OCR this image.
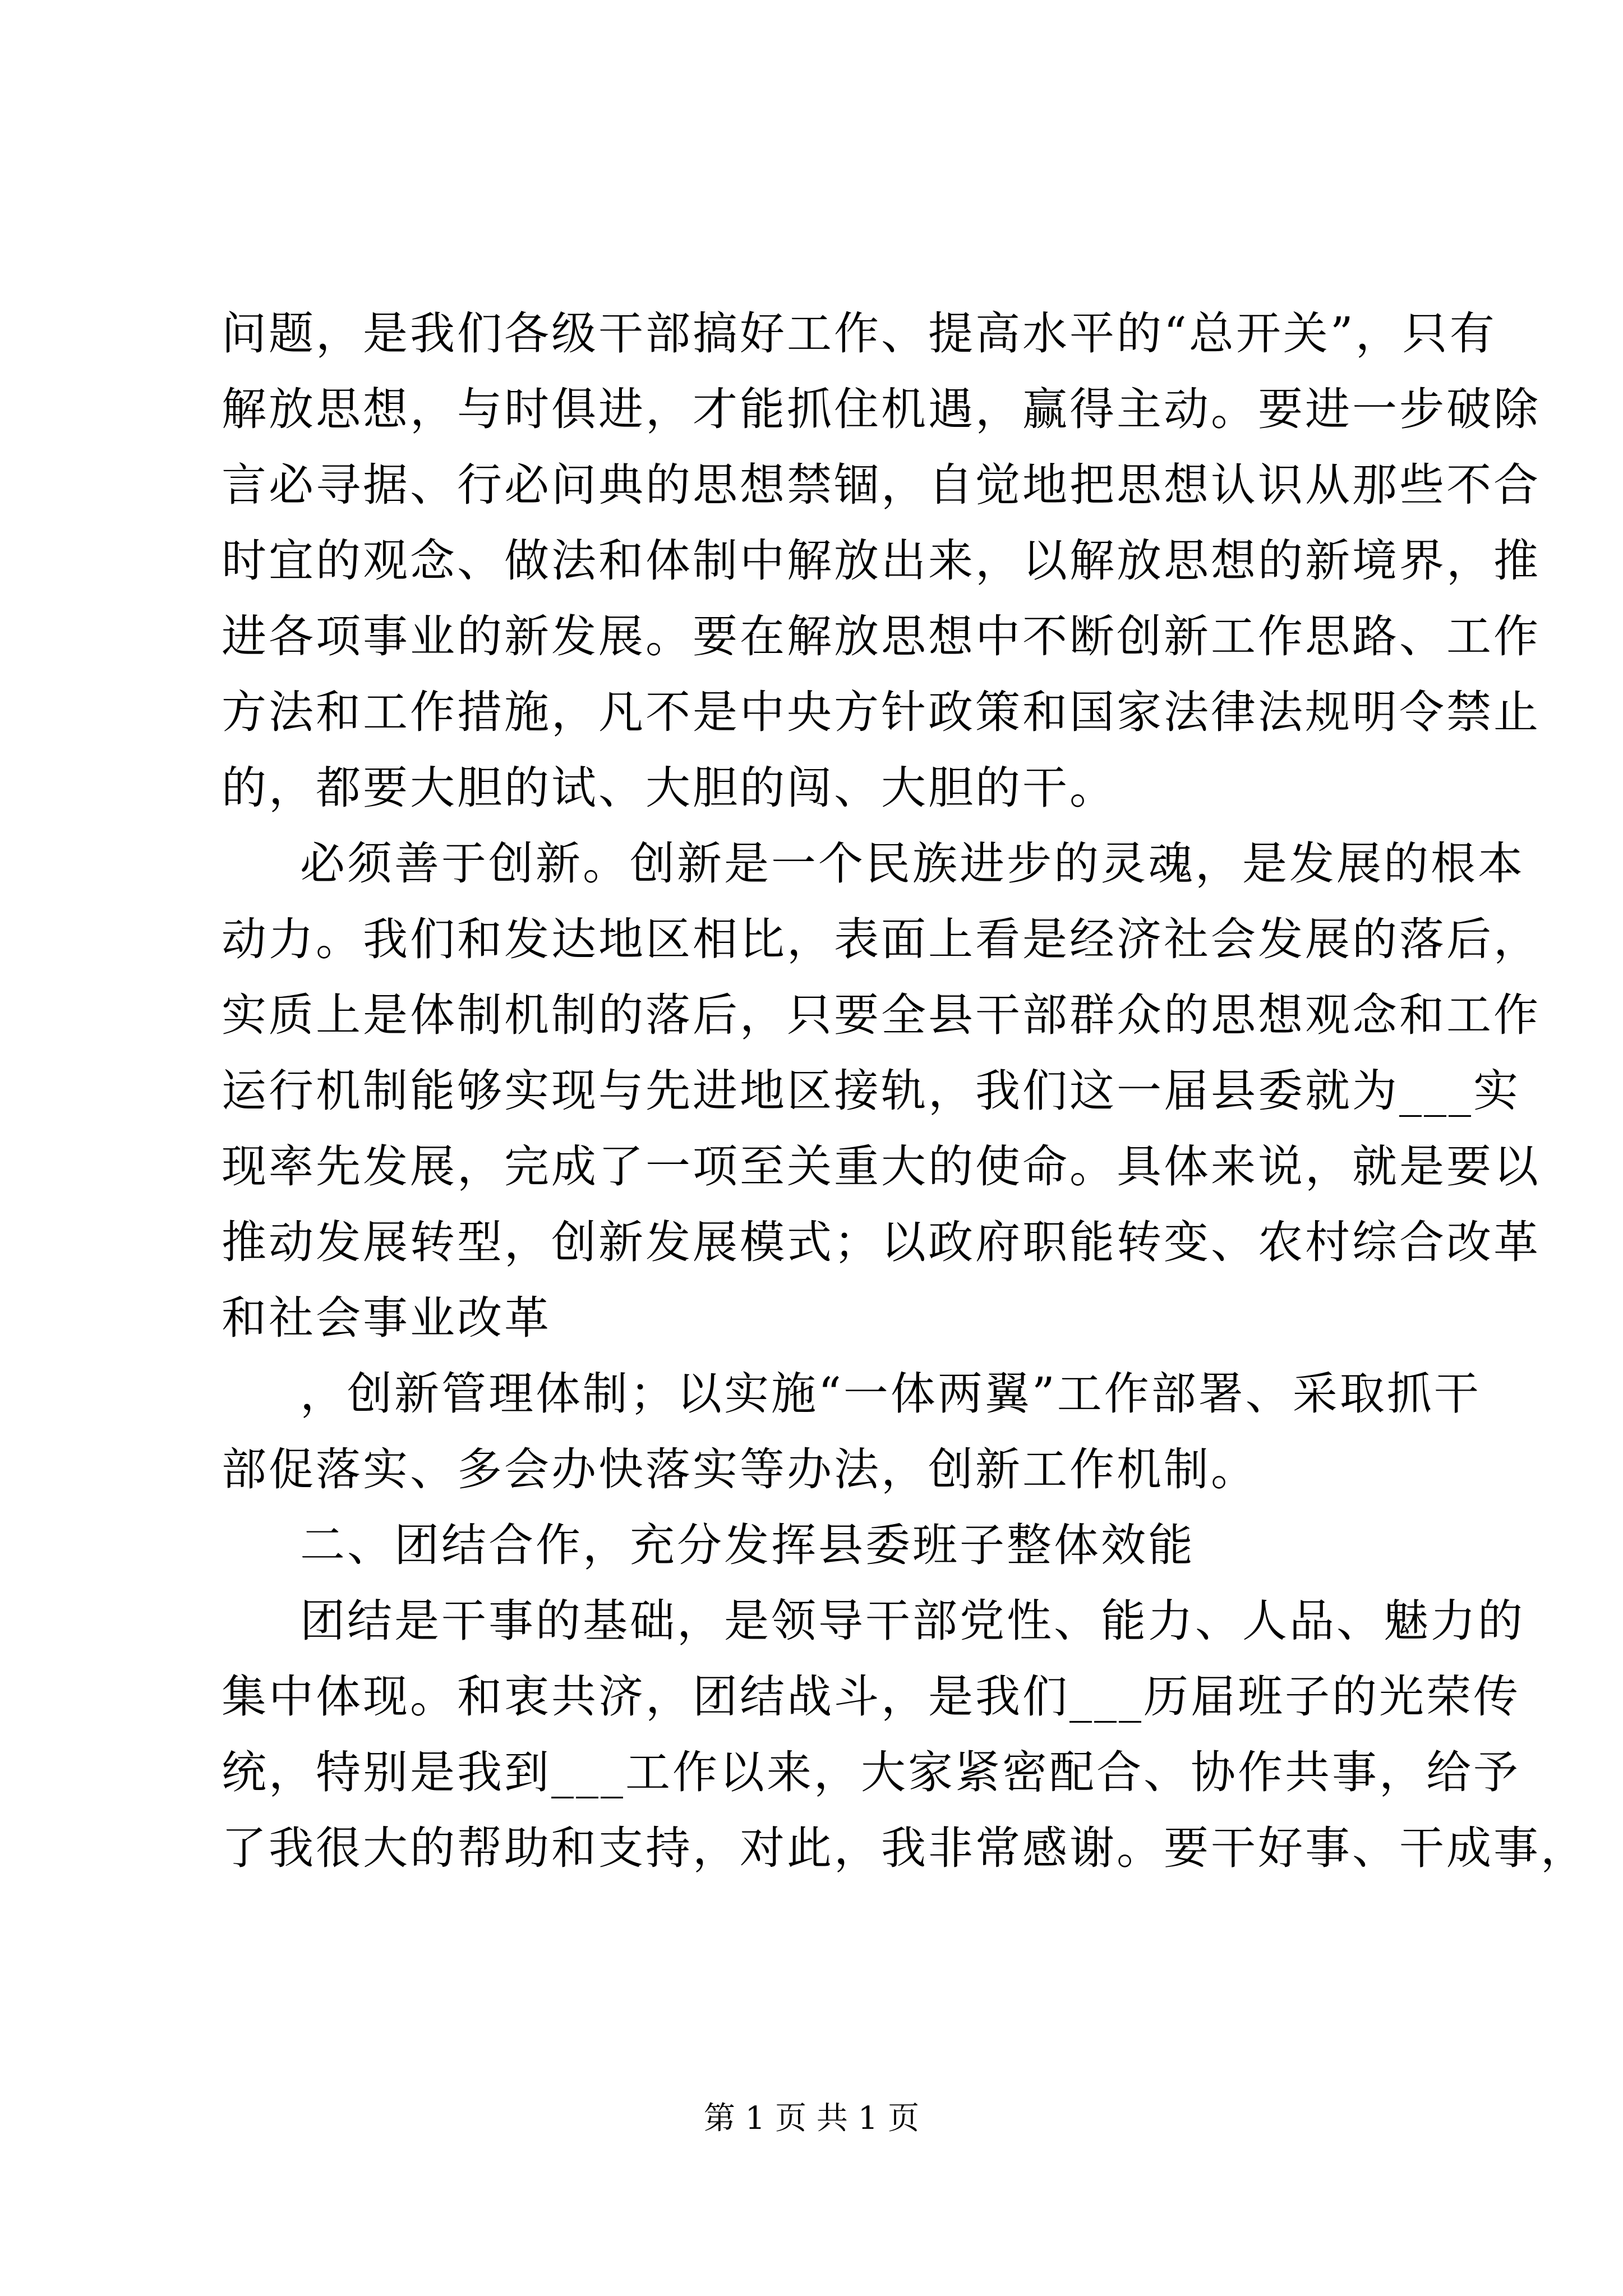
问题，是我们各级干部搞好工作、提高水平的“总开关”，只有
解放思想，与时俱进，才能抓住机遇，赢得主动。要进一步破除
言必寻据、行必问典的思想禁锢，自觉地把思想认识从那些不合
时宜的观念、做法和体制中解放出来，以解放思想的新境界，推
进各项事业的新发展。要在解放思想中不断创新工作思路、工作
方法和工作措施，凡不是中央方针政策和国家法律法规明令禁止
的，都要大胆的试、大胆的闯、大胆的干。
必须善于创新。创新是一个民族进步的灵魂，是发展的根本
动力。我们和发达地区相比，表面上看是经济社会发展的落后，
实质上是体制机制的落后，只要全县干部群众的思想观念和工作
运行机制能够实现与先进地区接轨，我们这一届县委就为___实
现率先发展，完成了一项至关重大的使命。具体来说，就是要以
推动发展转型，创新发展模式；以政府职能转变、农村综合改革
和社会事业改革
，创新管理体制；以实施“一体两翼”工作部署、采取抓干
部促落实、多会办快落实等办法，创新工作机制。
二、团结合作，充分发挥县委班子整体效能
团结是干事的基础，是领导干部党性、能力、人品、魅力的
集中体现。和衷共济，团结战斗，是我们___历届班子的光荣传
统，特别是我到___工作以来，大家紧密配合、协作共事，给予
了我很大的帮助和支持，对此，我非常感谢。要干好事、干成事，
第 1 页 共 1 页
